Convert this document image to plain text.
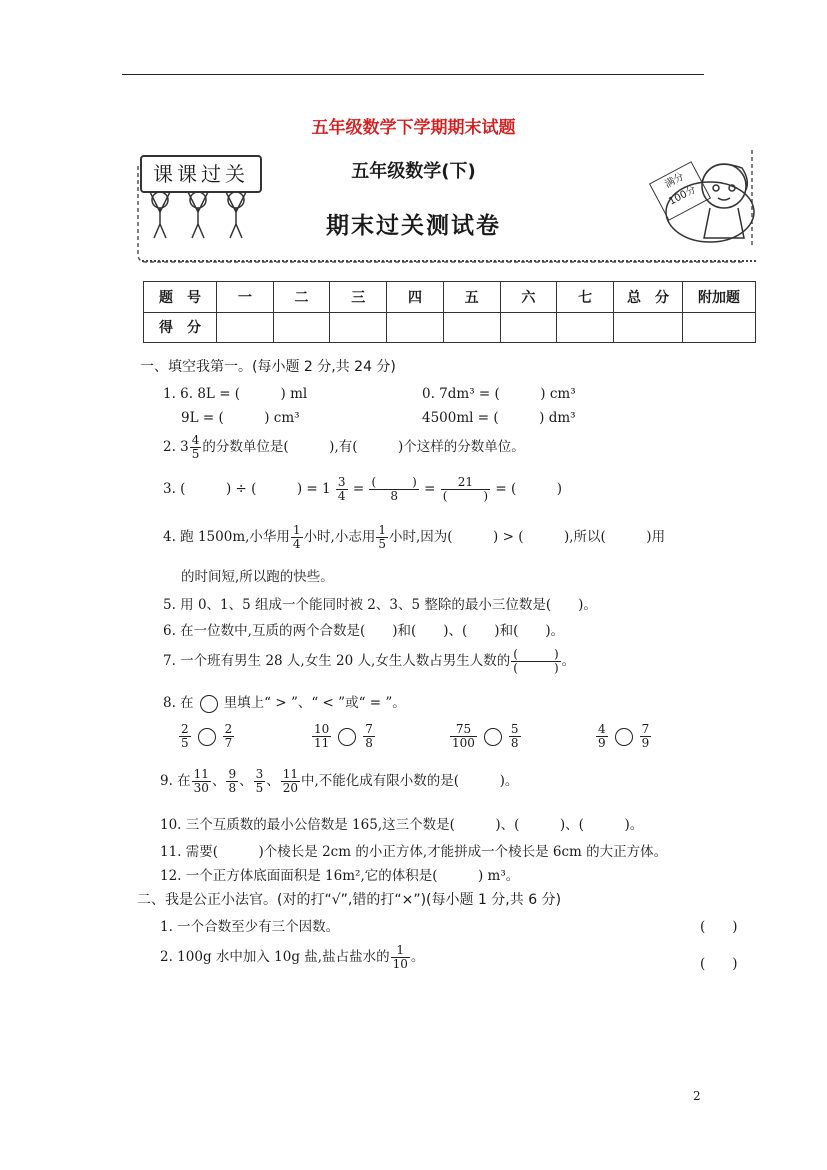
五年级数学下学期期末试题
课课过关	五年级数学(下)
期末过关测试卷
满分
100分
题　号	一	二	三	四	五	六	七	总　分	附加题
得　分									
一、填空我第一。(每小题 2 分,共 24 分)
1. 6. 8L = (　　　) ml	0. 7dm³ = (　　　) cm³
9L = (　　　) cm³	4500ml = (　　　) dm³
2. $3 \frac{4}{5}$ 的分数单位是(　　　),有(　　　)个这样的分数单位。
3. (　　　) ÷ (　　　) = $1 \frac{3}{4} = \frac{( )}{8} = \frac{21}{( )}$ = (　　　)
4. 跑 1500m,小华用 $\frac{1}{4}$ 小时,小志用 $\frac{1}{5}$ 小时,因为(　　　) > (　　　),所以(　　　)用
的时间短,所以跑的快些。
5. 用 0、1、5 组成一个能同时被 2、3、5 整除的最小三位数是(　　)。
6. 在一位数中,互质的两个合数是(　　)和(　　)、(　　)和(　　)。
7. 一个班有男生 28 人,女生 20 人,女生人数占男生人数的 $\frac{( )}{( )}$ 。
8. 在 里填上“ > ”、“ < ”或“ = ”。
$\frac{2}{5}$	$\frac{2}{7}$	$\frac{10}{11}$	$\frac{7}{8}$	$\frac{75}{100}$	$\frac{5}{8}$	$\frac{4}{9}$	$\frac{7}{9}$
9. 在 $\frac{11}{30}$ 、 $\frac{9}{8}$ 、 $\frac{3}{5}$ 、 $\frac{11}{20}$ 中,不能化成有限小数的是(　　　)。
10. 三个互质数的最小公倍数是 165,这三个数是(　　　)、(　　　)、(　　　)。
11. 需要(　　　)个棱长是 2cm 的小正方体,才能拼成一个棱长是 6cm 的大正方体。
12. 一个正方体底面面积是 16m²,它的体积是(　　　) m³。
二、我是公正小法官。(对的打“√”,错的打“×”)(每小题 1 分,共 6 分)
1. 一个合数至少有三个因数。	(　　)
2. 100g 水中加入 10g 盐,盐占盐水的 $\frac{1}{10}$ 。	(　　)
2
